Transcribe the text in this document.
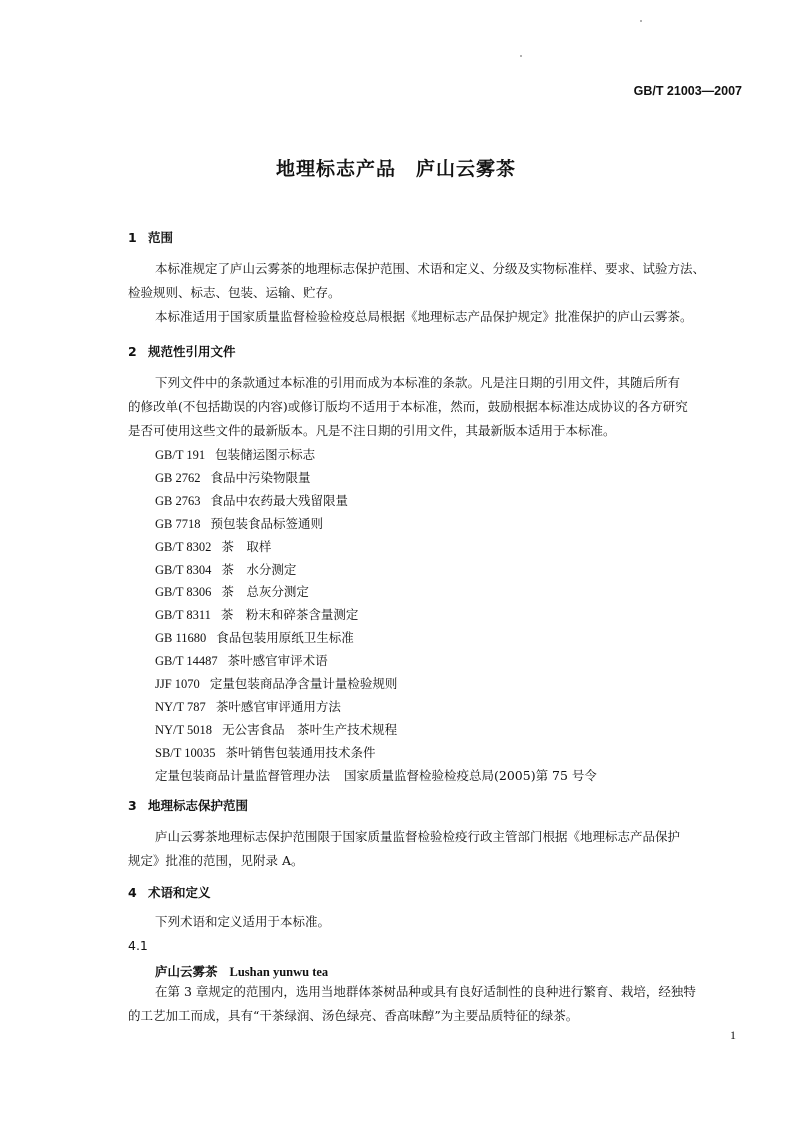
GB/T 21003—2007
地理标志产品　庐山云雾茶
1 范围
本标准规定了庐山云雾茶的地理标志保护范围、术语和定义、分级及实物标准样、要求、试验方法、
检验规则、标志、包装、运输、贮存。
本标准适用于国家质量监督检验检疫总局根据《地理标志产品保护规定》批准保护的庐山云雾茶。
2 规范性引用文件
下列文件中的条款通过本标准的引用而成为本标准的条款。凡是注日期的引用文件，其随后所有
的修改单(不包括勘误的内容)或修订版均不适用于本标准，然而，鼓励根据本标准达成协议的各方研究
是否可使用这些文件的最新版本。凡是不注日期的引用文件，其最新版本适用于本标准。
GB/T 191 包装储运图示标志
GB 2762 食品中污染物限量
GB 2763 食品中农药最大残留限量
GB 7718 预包装食品标签通则
GB/T 8302 茶　取样
GB/T 8304 茶　水分测定
GB/T 8306 茶　总灰分测定
GB/T 8311 茶　粉末和碎茶含量测定
GB 11680 食品包装用原纸卫生标准
GB/T 14487 茶叶感官审评术语
JJF 1070 定量包装商品净含量计量检验规则
NY/T 787 茶叶感官审评通用方法
NY/T 5018 无公害食品　茶叶生产技术规程
SB/T 10035 茶叶销售包装通用技术条件
定量包装商品计量监督管理办法 国家质量监督检验检疫总局(2005)第 75 号令
3 地理标志保护范围
庐山云雾茶地理标志保护范围限于国家质量监督检验检疫行政主管部门根据《地理标志产品保护
规定》批准的范围，见附录 A。
4 术语和定义
下列术语和定义适用于本标准。
4.1
庐山云雾茶 Lushan yunwu tea
在第 3 章规定的范围内，选用当地群体茶树品种或具有良好适制性的良种进行繁育、栽培，经独特
的工艺加工而成，具有“干茶绿润、汤色绿亮、香高味醇”为主要品质特征的绿茶。
1
